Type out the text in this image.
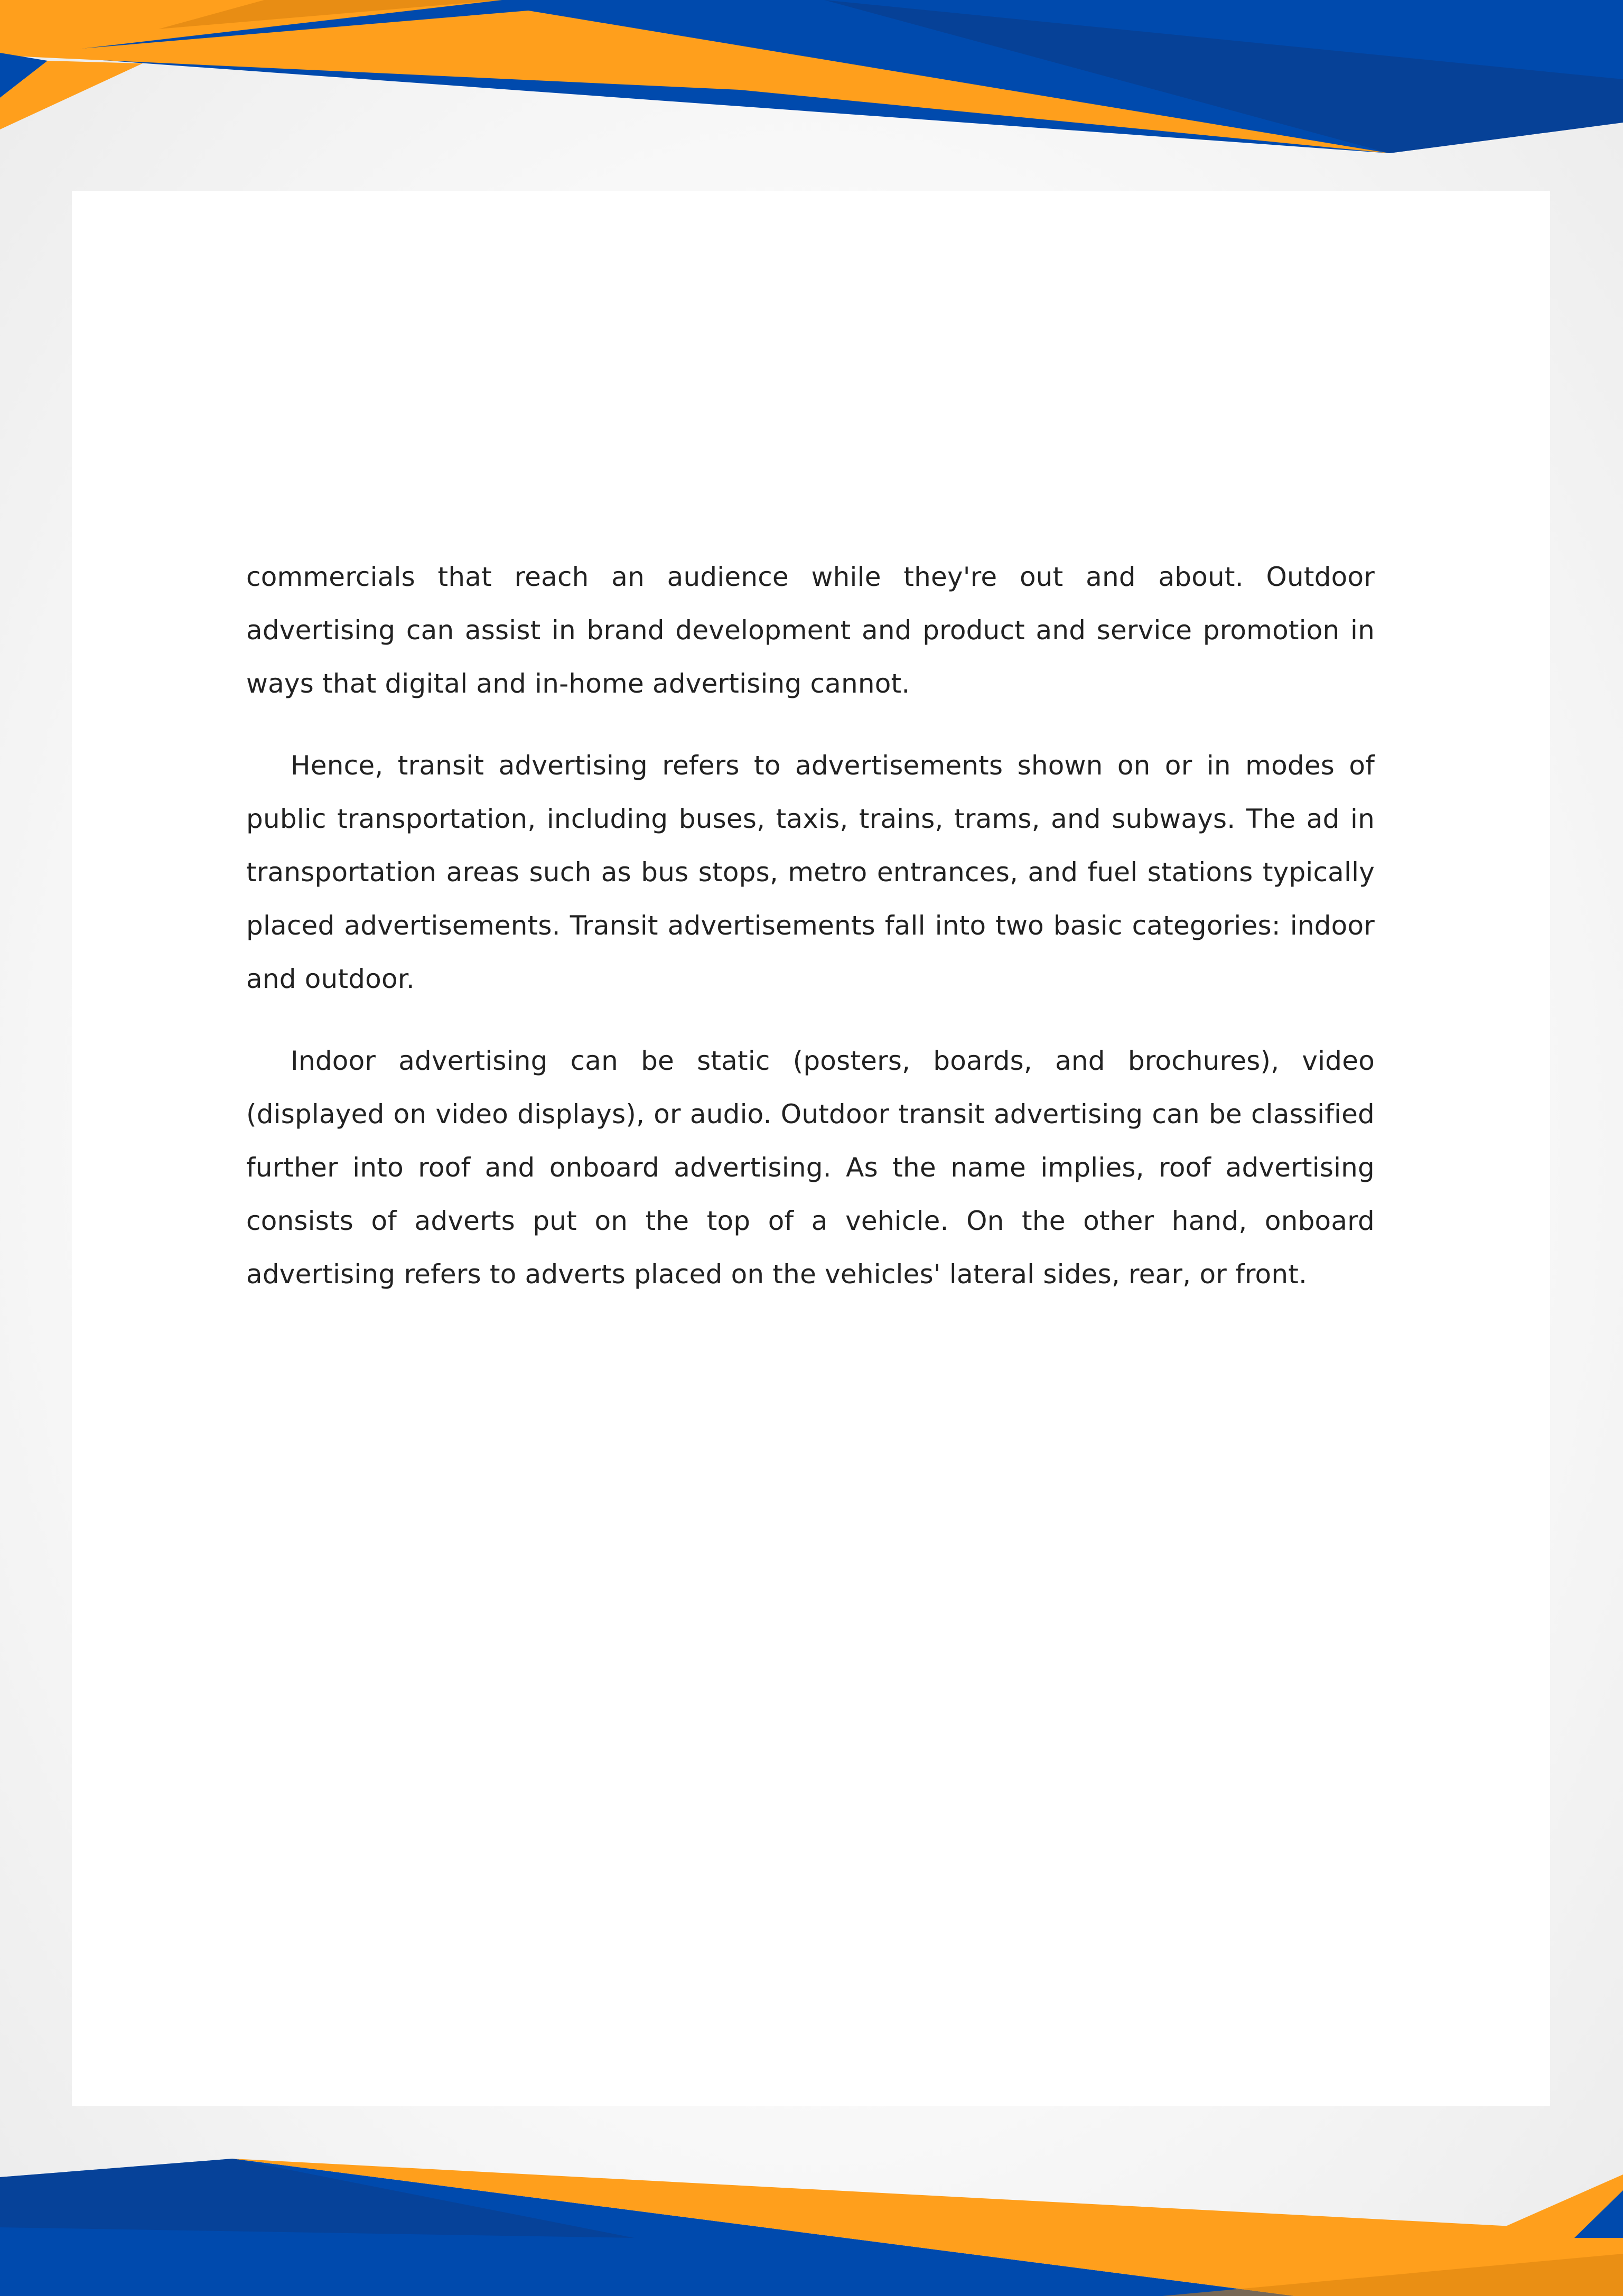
commercials that reach an audience while they're out and about. Outdoor advertising can assist in brand development and product and service promotion in ways that digital and in-home advertising cannot.

Hence, transit advertising refers to advertisements shown on or in modes of public transportation, including buses, taxis, trains, trams, and subways. The ad in transportation areas such as bus stops, metro entrances, and fuel stations typically placed advertisements. Transit advertisements fall into two basic categories: indoor and outdoor.

Indoor advertising can be static (posters, boards, and brochures), video (displayed on video displays), or audio. Outdoor transit advertising can be classified further into roof and onboard advertising. As the name implies, roof advertising consists of adverts put on the top of a vehicle. On the other hand, onboard advertising refers to adverts placed on the vehicles' lateral sides, rear, or front.
